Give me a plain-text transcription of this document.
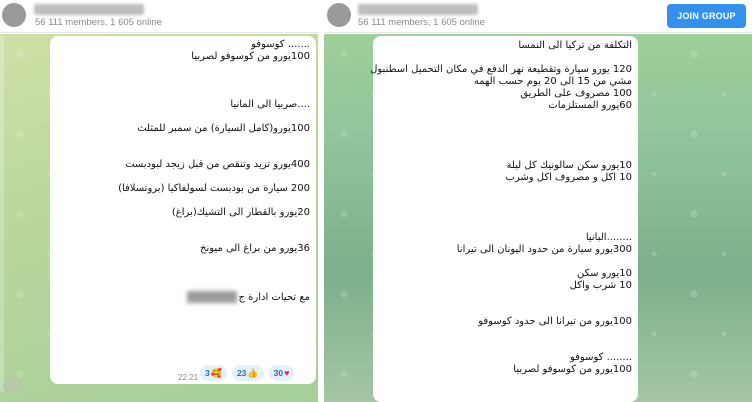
56 111 members, 1 605 online

....... كوسوفو

100يورو من كوسوفو لصربيا

....صربيا الى المانيا

100يورو(كامل السيارة) من سمبر للمثلث

400يورو تزيد وتنقص من قبل زيجد لبودبست

200 سيارة من بودبست لسولفاكيا (بروتسلافا)

20يورو بالقطار الى التشيك(براغ)

36يورو من براغ الى ميونخ

مع تحيات ادارة ج

3 🥰 23 👍 30 ♥
22:21
56 111 members, 1 605 online
JOIN GROUP

التكلفة من تركيا الى النمسا

120 يورو سيارة وتقطيعة نهر الدفع في مكان التحميل اسطنبول

مشي من 15 الى 20 يوم حسب الهمه

100 مصروف على الطريق

60يورو المستلزمات

10يورو سكن سالونيك كل ليلة

10 اكل و مصروف اكل وشرب

........البانيا

300يورو سيارة من حدود اليونان الى تيرانا

10يورو سكن

10 شرب واكل

100يورو من تيرانا الى حدود كوسوفو

........ كوسوفو

100يورو من كوسوفو لصربيا
